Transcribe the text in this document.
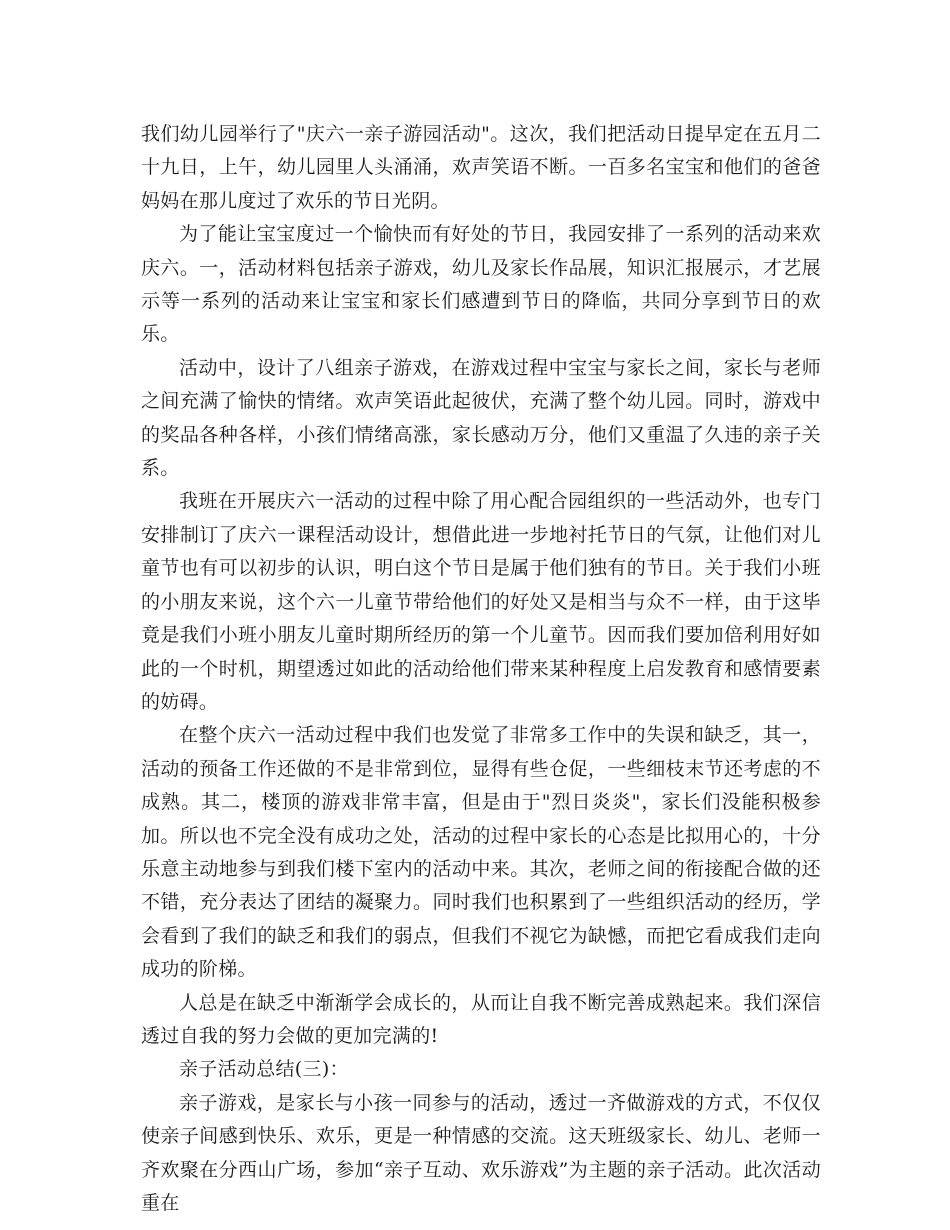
我们幼儿园举行了"庆六一亲子游园活动"。这次，我们把活动日提早定在五月二十九日，上午，幼儿园里人头涌涌，欢声笑语不断。一百多名宝宝和他们的爸爸妈妈在那儿度过了欢乐的节日光阴。

为了能让宝宝度过一个愉快而有好处的节日，我园安排了一系列的活动来欢庆六。一，活动材料包括亲子游戏，幼儿及家长作品展，知识汇报展示，才艺展示等一系列的活动来让宝宝和家长们感遭到节日的降临，共同分享到节日的欢乐。

活动中，设计了八组亲子游戏，在游戏过程中宝宝与家长之间，家长与老师之间充满了愉快的情绪。欢声笑语此起彼伏，充满了整个幼儿园。同时，游戏中的奖品各种各样，小孩们情绪高涨，家长感动万分，他们又重温了久违的亲子关系。

我班在开展庆六一活动的过程中除了用心配合园组织的一些活动外，也专门安排制订了庆六一课程活动设计，想借此进一步地衬托节日的气氛，让他们对儿童节也有可以初步的认识，明白这个节日是属于他们独有的节日。关于我们小班的小朋友来说，这个六一儿童节带给他们的好处又是相当与众不一样，由于这毕竟是我们小班小朋友儿童时期所经历的第一个儿童节。因而我们要加倍利用好如此的一个时机，期望透过如此的活动给他们带来某种程度上启发教育和感情要素的妨碍。

在整个庆六一活动过程中我们也发觉了非常多工作中的失误和缺乏，其一，活动的预备工作还做的不是非常到位，显得有些仓促，一些细枝末节还考虑的不成熟。其二，楼顶的游戏非常丰富，但是由于"烈日炎炎"，家长们没能积极参加。所以也不完全没有成功之处，活动的过程中家长的心态是比拟用心的，十分乐意主动地参与到我们楼下室内的活动中来。其次，老师之间的衔接配合做的还不错，充分表达了团结的凝聚力。同时我们也积累到了一些组织活动的经历，学会看到了我们的缺乏和我们的弱点，但我们不视它为缺憾，而把它看成我们走向成功的阶梯。

人总是在缺乏中渐渐学会成长的，从而让自我不断完善成熟起来。我们深信透过自我的努力会做的更加完满的!

亲子活动总结(三)：

亲子游戏，是家长与小孩一同参与的活动，透过一齐做游戏的方式，不仅仅使亲子间感到快乐、欢乐，更是一种情感的交流。这天班级家长、幼儿、老师一齐欢聚在分西山广场，参加“亲子互动、欢乐游戏”为主题的亲子活动。此次活动重在
